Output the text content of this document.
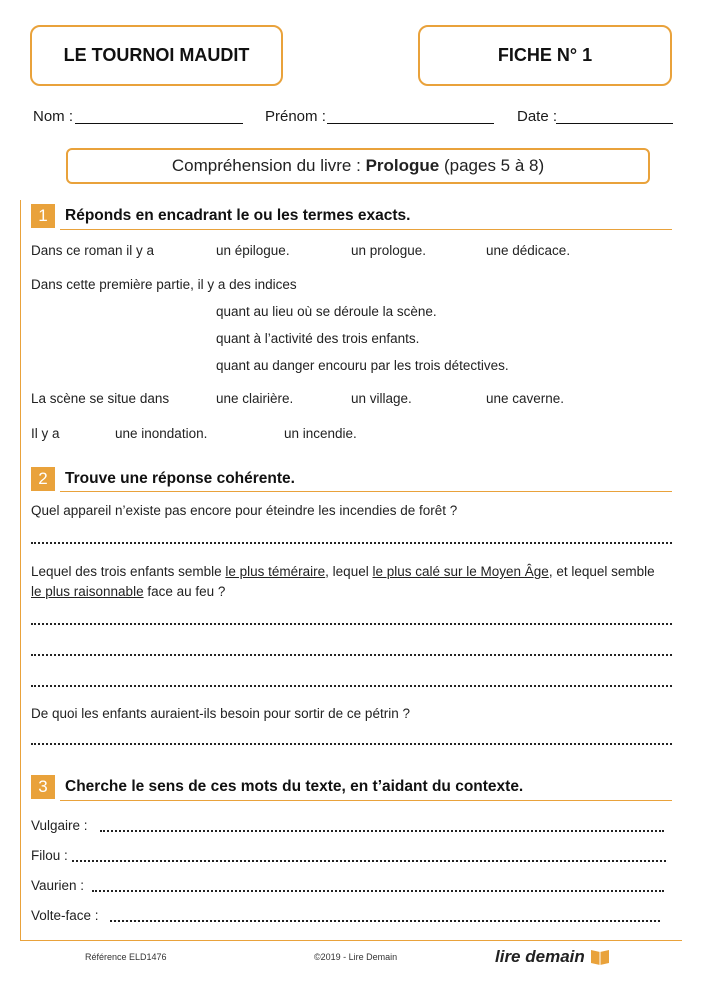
LE TOURNOI MAUDIT	FICHE N° 1
Nom :	Prénom :	Date :
Compréhension du livre :
Prologue
(pages 5 à 8)
1	Réponds en encadrant le ou les termes exacts.
Dans ce roman il y a	un épilogue.	un prologue.	une dédicace.
Dans cette première partie, il y a des indices
quant au lieu où se déroule la scène.
quant à l’activité des trois enfants.
quant au danger encouru par les trois détectives.
La scène se situe dans	une clairière.	un village.	une caverne.
Il y a	une inondation.	un incendie.
2	Trouve une réponse cohérente.
Quel appareil n’existe pas encore pour éteindre les incendies de forêt ?
Lequel des trois enfants semble le plus téméraire, lequel le plus calé sur le Moyen Âge, et lequel semble
le plus raisonnable face au feu ?
De quoi les enfants auraient-ils besoin pour sortir de ce pétrin ?
3	Cherche le sens de ces mots du texte, en t’aidant du contexte.
Vulgaire :
Filou :
Vaurien :
Volte-face :
Référence ELD1476	©2019 - Lire Demain	lire demain
